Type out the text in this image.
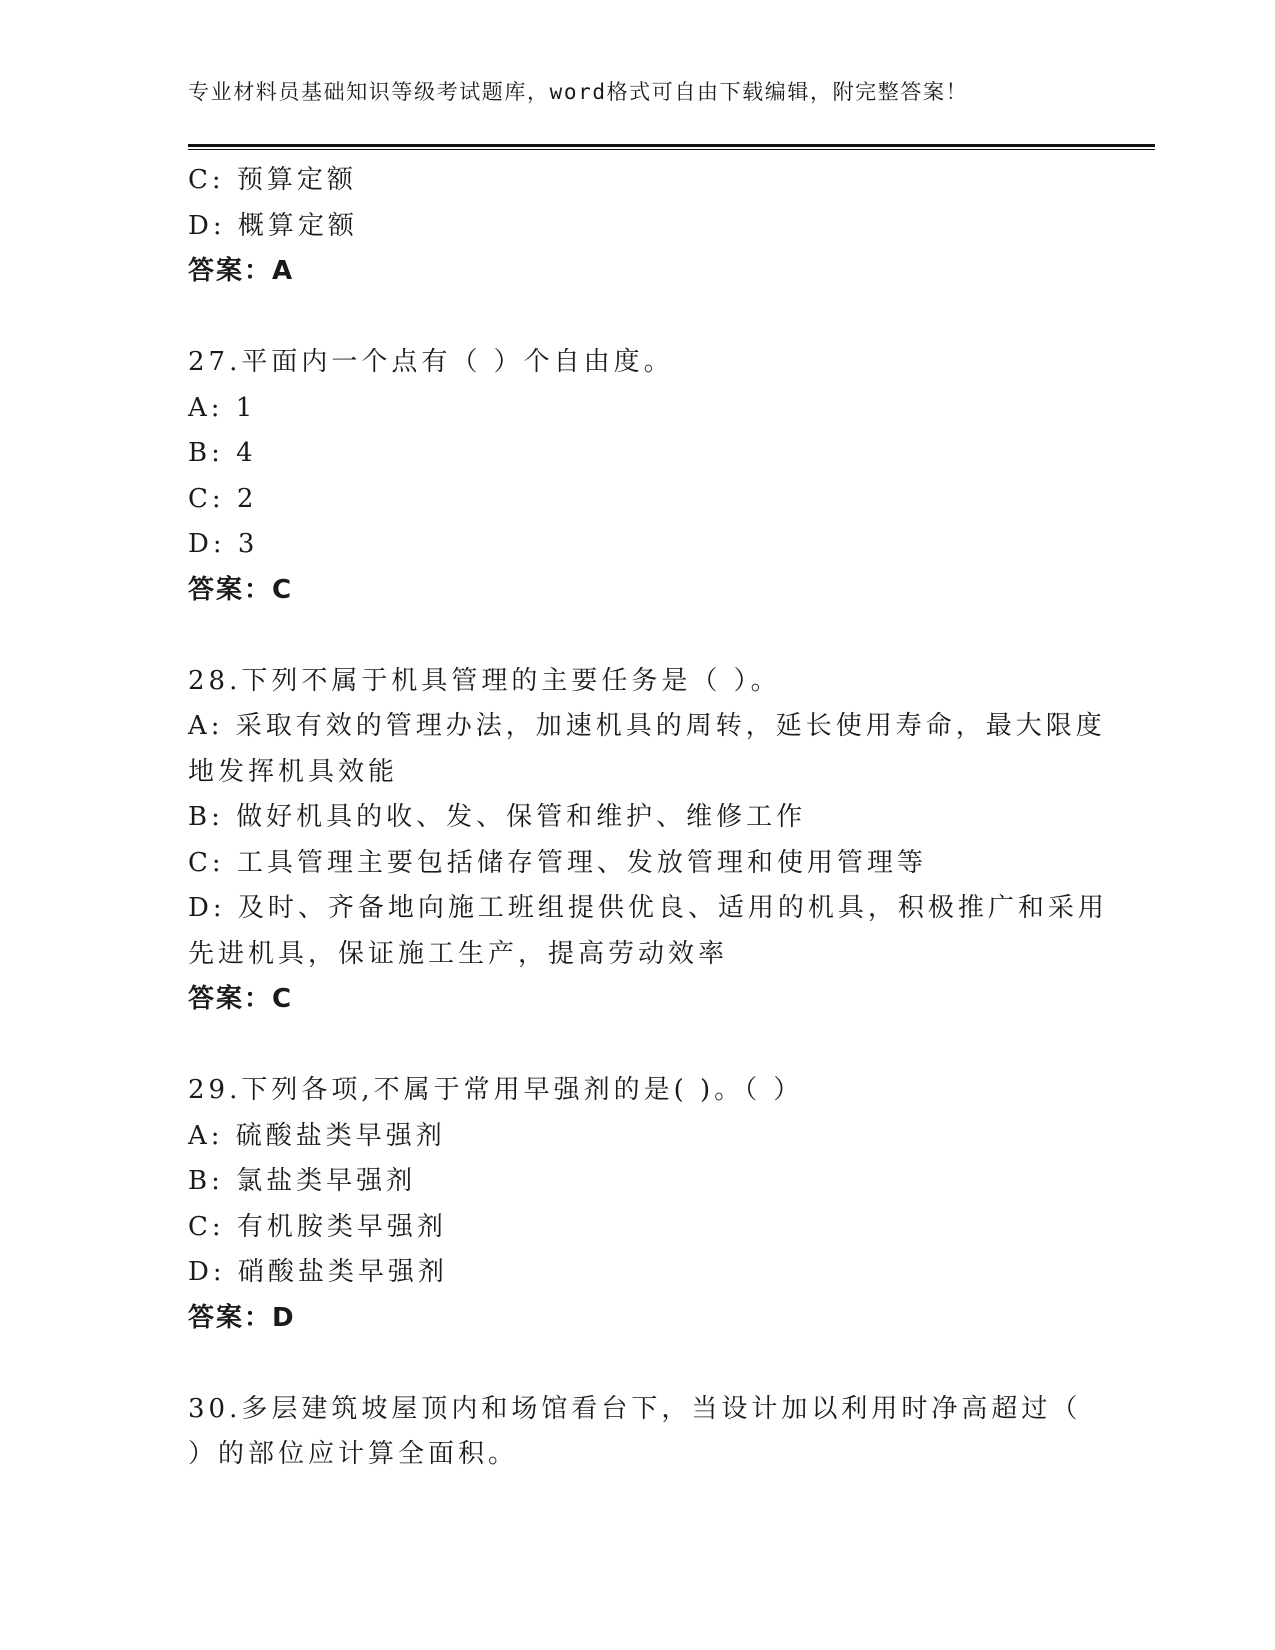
专业材料员基础知识等级考试题库，word格式可自由下载编辑，附完整答案！
C: 预算定额
D: 概算定额
答案：A
27.平面内一个点有（ ）个自由度。
A: 1
B: 4
C: 2
D: 3
答案：C
28.下列不属于机具管理的主要任务是（ ）。
A: 采取有效的管理办法，加速机具的周转，延长使用寿命，最大限度
地发挥机具效能
B: 做好机具的收、发、保管和维护、维修工作
C: 工具管理主要包括储存管理、发放管理和使用管理等
D: 及时、齐备地向施工班组提供优良、适用的机具，积极推广和采用
先进机具，保证施工生产，提高劳动效率
答案：C
29.下列各项,不属于常用早强剂的是( )。（ ）
A: 硫酸盐类早强剂
B: 氯盐类早强剂
C: 有机胺类早强剂
D: 硝酸盐类早强剂
答案：D
30.多层建筑坡屋顶内和场馆看台下，当设计加以利用时净高超过（
）的部位应计算全面积。
